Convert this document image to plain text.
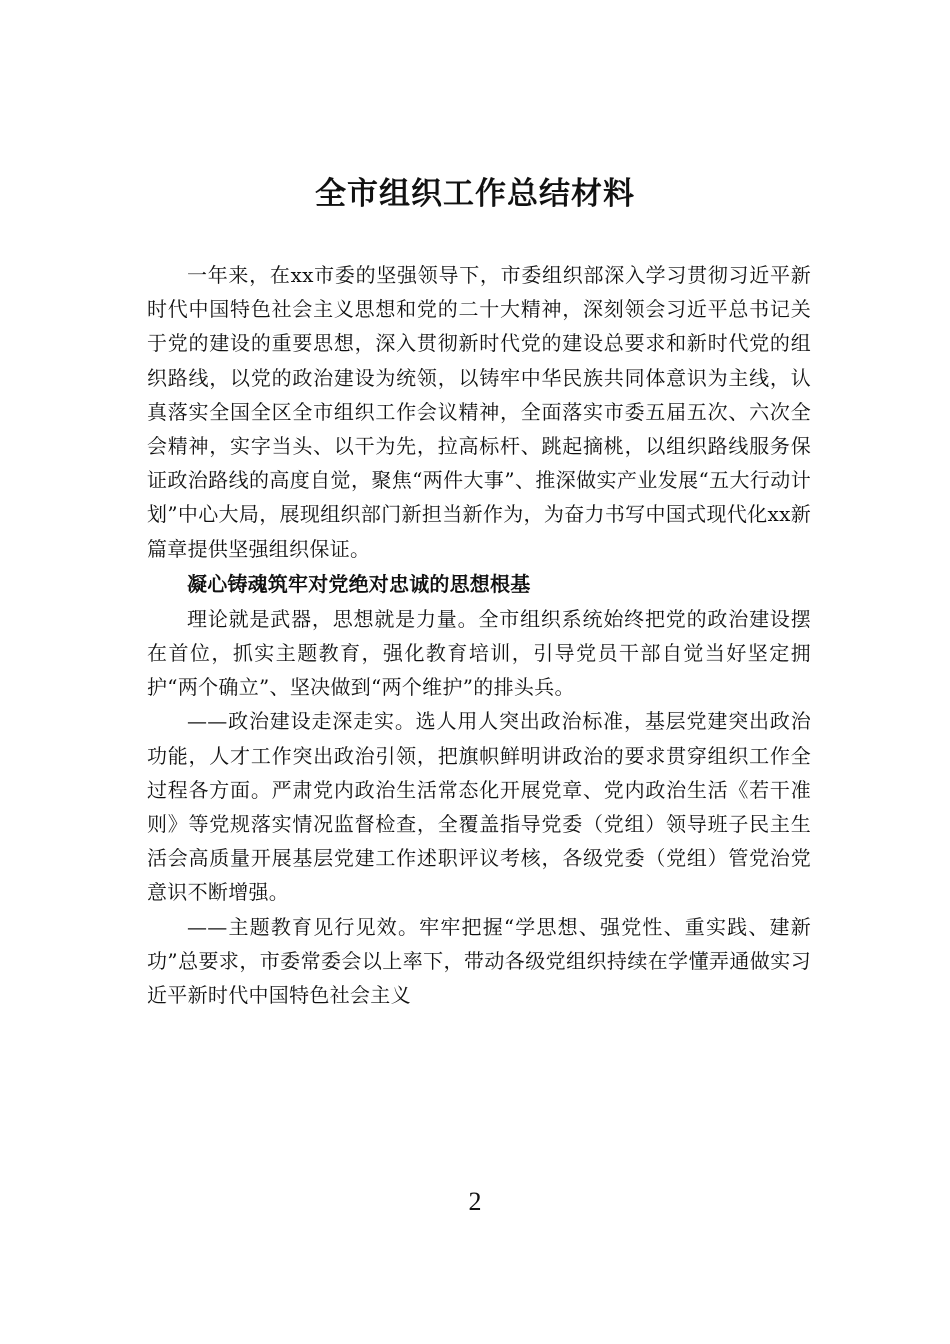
全市组织工作总结材料

一年来，在xx市委的坚强领导下，市委组织部深入学习贯彻习近平新时代中国特色社会主义思想和党的二十大精神，深刻领会习近平总书记关于党的建设的重要思想，深入贯彻新时代党的建设总要求和新时代党的组织路线，以党的政治建设为统领，以铸牢中华民族共同体意识为主线，认真落实全国全区全市组织工作会议精神，全面落实市委五届五次、六次全会精神，实字当头、以干为先，拉高标杆、跳起摘桃，以组织路线服务保证政治路线的高度自觉，聚焦“两件大事”、推深做实产业发展“五大行动计划”中心大局，展现组织部门新担当新作为，为奋力书写中国式现代化xx新篇章提供坚强组织保证。

凝心铸魂筑牢对党绝对忠诚的思想根基

理论就是武器，思想就是力量。全市组织系统始终把党的政治建设摆在首位，抓实主题教育，强化教育培训，引导党员干部自觉当好坚定拥护“两个确立”、坚决做到“两个维护”的排头兵。

——政治建设走深走实。选人用人突出政治标准，基层党建突出政治功能，人才工作突出政治引领，把旗帜鲜明讲政治的要求贯穿组织工作全过程各方面。严肃党内政治生活常态化开展党章、党内政治生活《若干准则》等党规落实情况监督检查，全覆盖指导党委（党组）领导班子民主生活会高质量开展基层党建工作述职评议考核，各级党委（党组）管党治党意识不断增强。

——主题教育见行见效。牢牢把握“学思想、强党性、重实践、建新功”总要求，市委常委会以上率下，带动各级党组织持续在学懂弄通做实习近平新时代中国特色社会主义

2
